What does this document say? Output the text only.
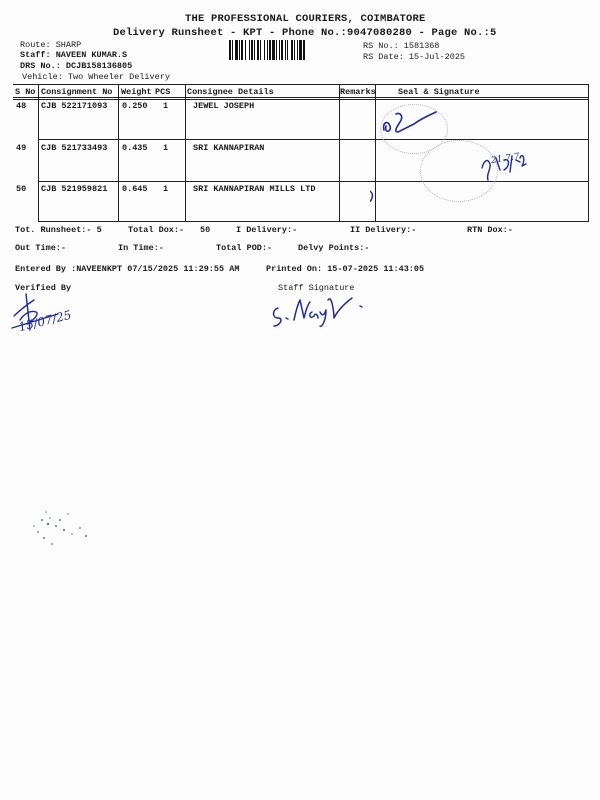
THE PROFESSIONAL COURIERS, COIMBATORE
Delivery Runsheet - KPT - Phone No.:9047080280 - Page No.:5
Route: SHARP
Staff: NAVEEN KUMAR.S
DRS No.: DCJB158136805
Vehicle: Two Wheeler Delivery
RS No.: 1581368
RS Date: 15-Jul-2025
S No Consignment No Weight PCS Consignee Details	Remarks	Seal & Signature
48 CJB 522171093 0.250 1	JEWEL JOSEPH
49 CJB 521733493 0.435 1	SRI KANNAPIRAN
50 CJB 521959821 0.645 1	SRI KANNAPIRAN MILLS LTD
21.7.7
Tot. Runsheet:- 5	Total Dox:- 50	I Delivery:-	II Delivery:-	RTN Dox:-
Out Time:-	In Time:-	Total POD:-	Delvy Points:-
Entered By :NAVEENKPT 07/15/2025 11:29:55 AM	Printed On: 15-07-2025 11:43:05
Verified By	Staff Signature
15/07/25
